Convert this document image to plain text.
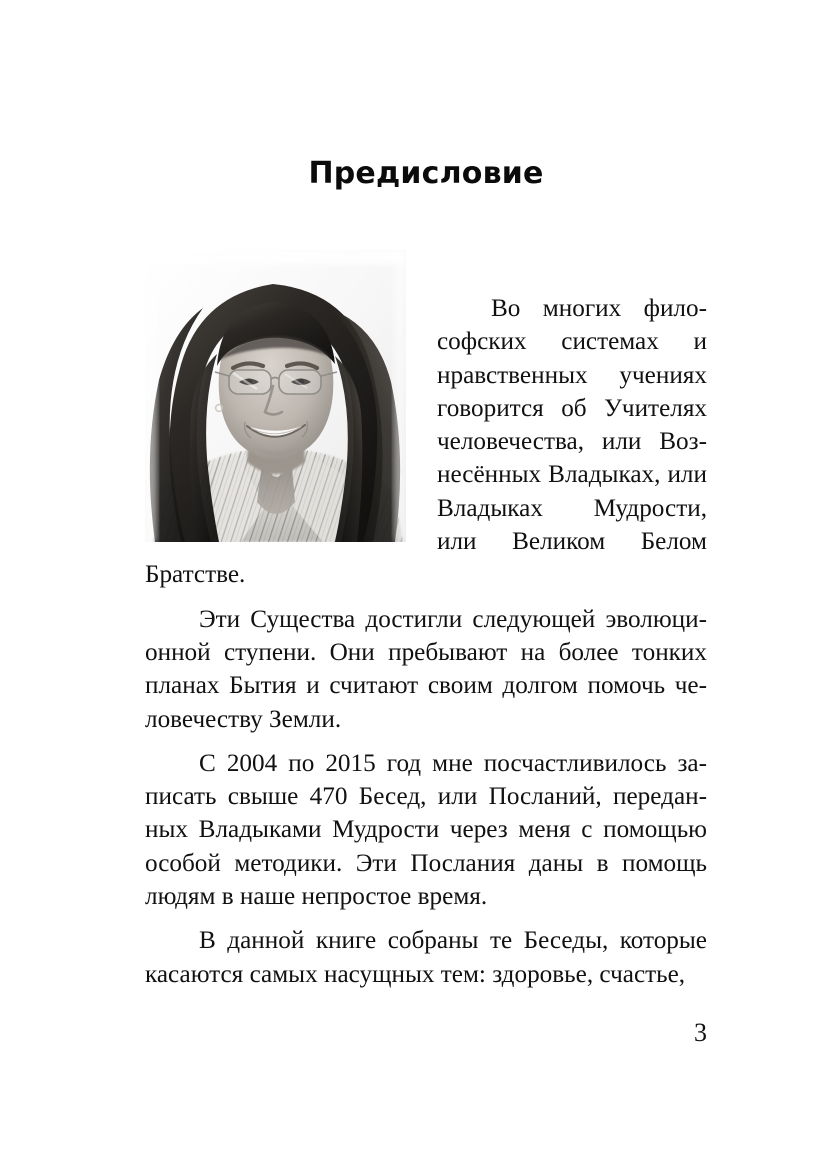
Предисловие

Во многих философских системах и нравственных учениях говорится об Учителях человечества, или Вознесённых Владыках, или Владыках Мудрости, или Великом Белом Братстве.

Эти Существа достигли следующей эволюционной ступени. Они пребывают на более тонких планах Бытия и считают своим долгом помочь человечеству Земли.

С 2004 по 2015 год мне посчастливилось записать свыше 470 Бесед, или Посланий, переданных Владыками Мудрости через меня с помощью особой методики. Эти Послания даны в помощь людям в наше непростое время.

В данной книге собраны те Беседы, которые касаются самых насущных тем: здоровье, счастье,

3
